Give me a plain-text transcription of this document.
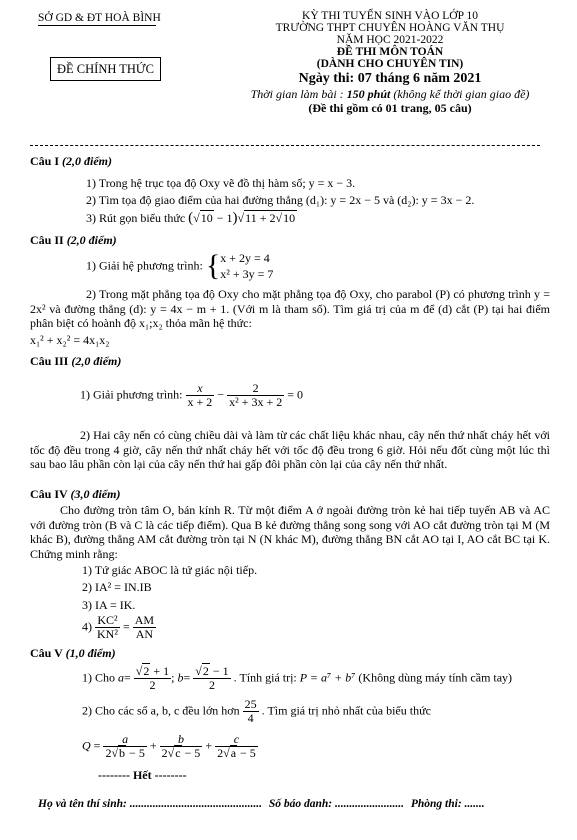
SỞ GD & ĐT HOÀ BÌNH
ĐỀ CHÍNH THỨC
KỲ THI TUYỂN SINH VÀO LỚP 10
TRƯỜNG THPT CHUYÊN HOÀNG VĂN THỤ
NĂM HỌC 2021-2022
ĐỀ THI MÔN TOÁN
(DÀNH CHO CHUYÊN TIN)
Ngày thi: 07 tháng 6 năm 2021
Thời gian làm bài : 150 phút (không kể thời gian giao đề)
(Đề thi gồm có 01 trang, 05 câu)
Câu I (2,0 điểm)
1) Trong hệ trục tọa độ Oxy vẽ đồ thị hàm số; y = x − 3.
2) Tìm tọa độ giao điểm của hai đường thẳng (d₁): y = 2x − 5 và (d₂): y = 3x − 2.
3) Rút gọn biểu thức (√10 − 1)√11 + 2√10
Câu II (2,0 điểm)
1) Giải hệ phương trình: { x + 2y = 4
x² + 3y = 7
2) Trong mặt phẳng tọa độ Oxy cho mặt phẳng tọa độ Oxy, cho parabol (P) có phương trình y = 2x² và đường thẳng (d): y = 4x − m + 1. (Với m là tham số). Tìm giá trị của m để (d) cắt (P) tại hai điểm phân biệt có hoành độ x₁;x₂ thỏa mãn hệ thức:
x₁² + x₂² = 4x₁x₂
Câu III (2,0 điểm)
1) Giải phương trình: $\frac{x}{x + 2} - \frac{2}{\text{x² + 3x + 2}} = 0$
2) Hai cây nến có cùng chiều dài và làm từ các chất liệu khác nhau, cây nến thứ nhất cháy hết với tốc độ đều trong 4 giờ, cây nến thứ nhất cháy hết với tốc độ đều trong 6 giờ. Hỏi nếu đốt cùng một lúc thì sau bao lâu phần còn lại của cây nến thứ hai gấp đôi phần còn lại của cây nến thứ nhất.
Câu IV (3,0 điểm)
Cho đường tròn tâm O, bán kính R. Từ một điểm A ở ngoài đường tròn kẻ hai tiếp tuyến AB và AC với đường tròn (B và C là các tiếp điểm). Qua B kẻ đường thẳng song song với AO cắt đường tròn tại M (M khác B), đường thẳng AM cắt đường tròn tại N (N khác M), đường thẳng BN cắt AO tại I, AO cắt BC tại K. Chứng minh rằng:
1) Tứ giác ABOC là tứ giác nội tiếp.
2) IA² = IN.IB
3) IA = IK.
$4) \frac{\text{KC²}}{\text{KN²}} = \frac{AM}{AN}$
Câu V (1,0 điểm)
1) Cho $a= \frac{√2 + 1}{2}$ ; $b= \frac{√2 - 1}{2}$ . Tính giá trị: P = a⁷ + b⁷ (Không dùng máy tính cầm tay)
2) Cho các số a, b, c đều lớn hơn $\frac{25}{4}$ . Tìm giá trị nhỏ nhất của biểu thức
$Q = \frac{a}{2√b - 5} + \frac{b}{2√c - 5} + \frac{c}{2√a - 5}$
-------- Hết --------
Họ và tên thí sinh: .............................................. Số báo danh: ........................ Phòng thi: .......
